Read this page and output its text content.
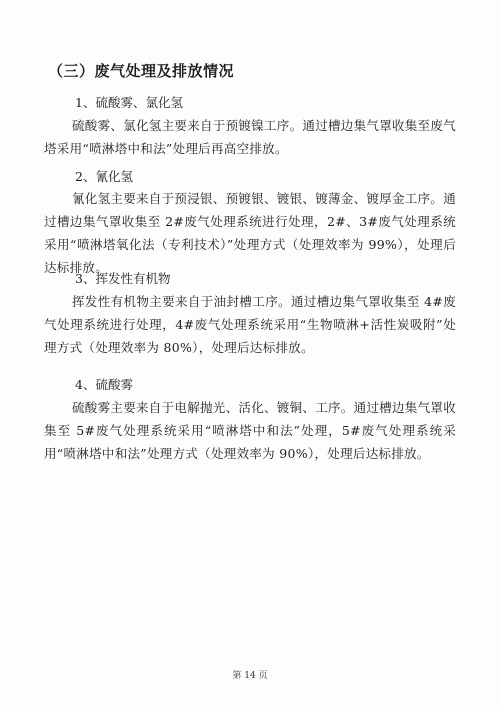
（三）废气处理及排放情况
1、硫酸雾、氯化氢
硫酸雾、氯化氢主要来自于预镀镍工序。通过槽边集气罩收集至废气塔采用“喷淋塔中和法”处理后再高空排放。
2、氰化氢
氰化氢主要来自于预浸银、预镀银、镀银、镀薄金、镀厚金工序。通过槽边集气罩收集至 2#废气处理系统进行处理，2#、3#废气处理系统采用“喷淋塔氧化法（专利技术）”处理方式（处理效率为 99%），处理后达标排放。
3、挥发性有机物
挥发性有机物主要来自于油封槽工序。通过槽边集气罩收集至 4#废气处理系统进行处理，4#废气处理系统采用“生物喷淋+活性炭吸附”处理方式（处理效率为 80%），处理后达标排放。
4、硫酸雾
硫酸雾主要来自于电解抛光、活化、镀铜、工序。通过槽边集气罩收集至 5#废气处理系统采用“喷淋塔中和法”处理，5#废气处理系统采用“喷淋塔中和法”处理方式（处理效率为 90%），处理后达标排放。
第 14 页
